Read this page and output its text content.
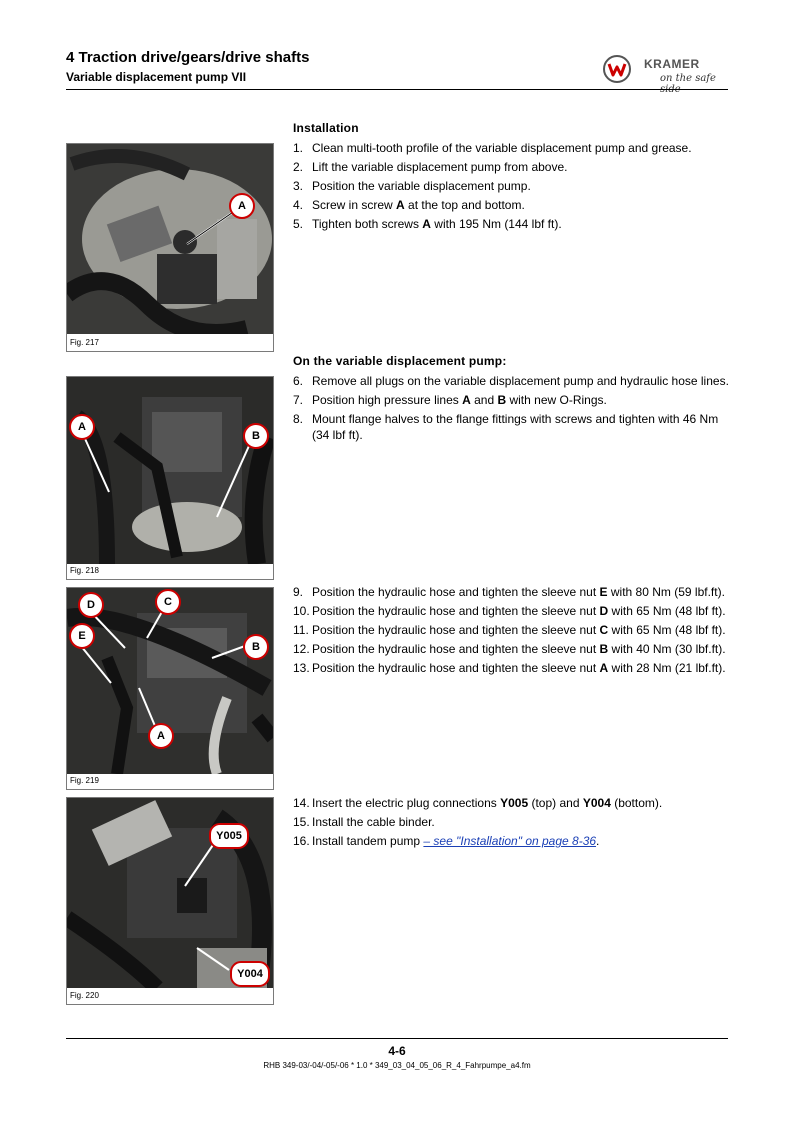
4 Traction drive/gears/drive shafts
Variable displacement pump VII
KRAMER
on the safe
A
Fig. 217
A
B
Fig. 218
D	C
E
B
A
Fig. 219
Y005
Y004
Fig. 220
Installation
1. Clean multi-tooth profile of the variable displacement pump and grease.
2. Lift the variable displacement pump from above.
3. Position the variable displacement pump.
4. Screw in screw A at the top and bottom.
5. Tighten both screws A with 195 Nm (144 lbf ft).
On the variable displacement pump:
6. Remove all plugs on the variable displacement pump and hydraulic hose lines.
7. Position high pressure lines A and B with new O-Rings.
8. Mount flange halves to the flange fittings with screws and tighten with 46 Nm (34 lbf ft).
9. Position the hydraulic hose and tighten the sleeve nut E with 80 Nm (59 lbf.ft).
10. Position the hydraulic hose and tighten the sleeve nut D with 65 Nm (48 lbf ft).
11. Position the hydraulic hose and tighten the sleeve nut C with 65 Nm (48 lbf ft).
12. Position the hydraulic hose and tighten the sleeve nut B with 40 Nm (30 lbf.ft).
13. Position the hydraulic hose and tighten the sleeve nut A with 28 Nm (21 lbf.ft).
14. Insert the electric plug connections Y005 (top) and Y004 (bottom).
15. Install the cable binder.
16. Install tandem pump – see "Installation" on page 8-36.
4-6
RHB 349-03/-04/-05/-06 * 1.0 * 349_03_04_05_06_R_4_Fahrpumpe_a4.fm
